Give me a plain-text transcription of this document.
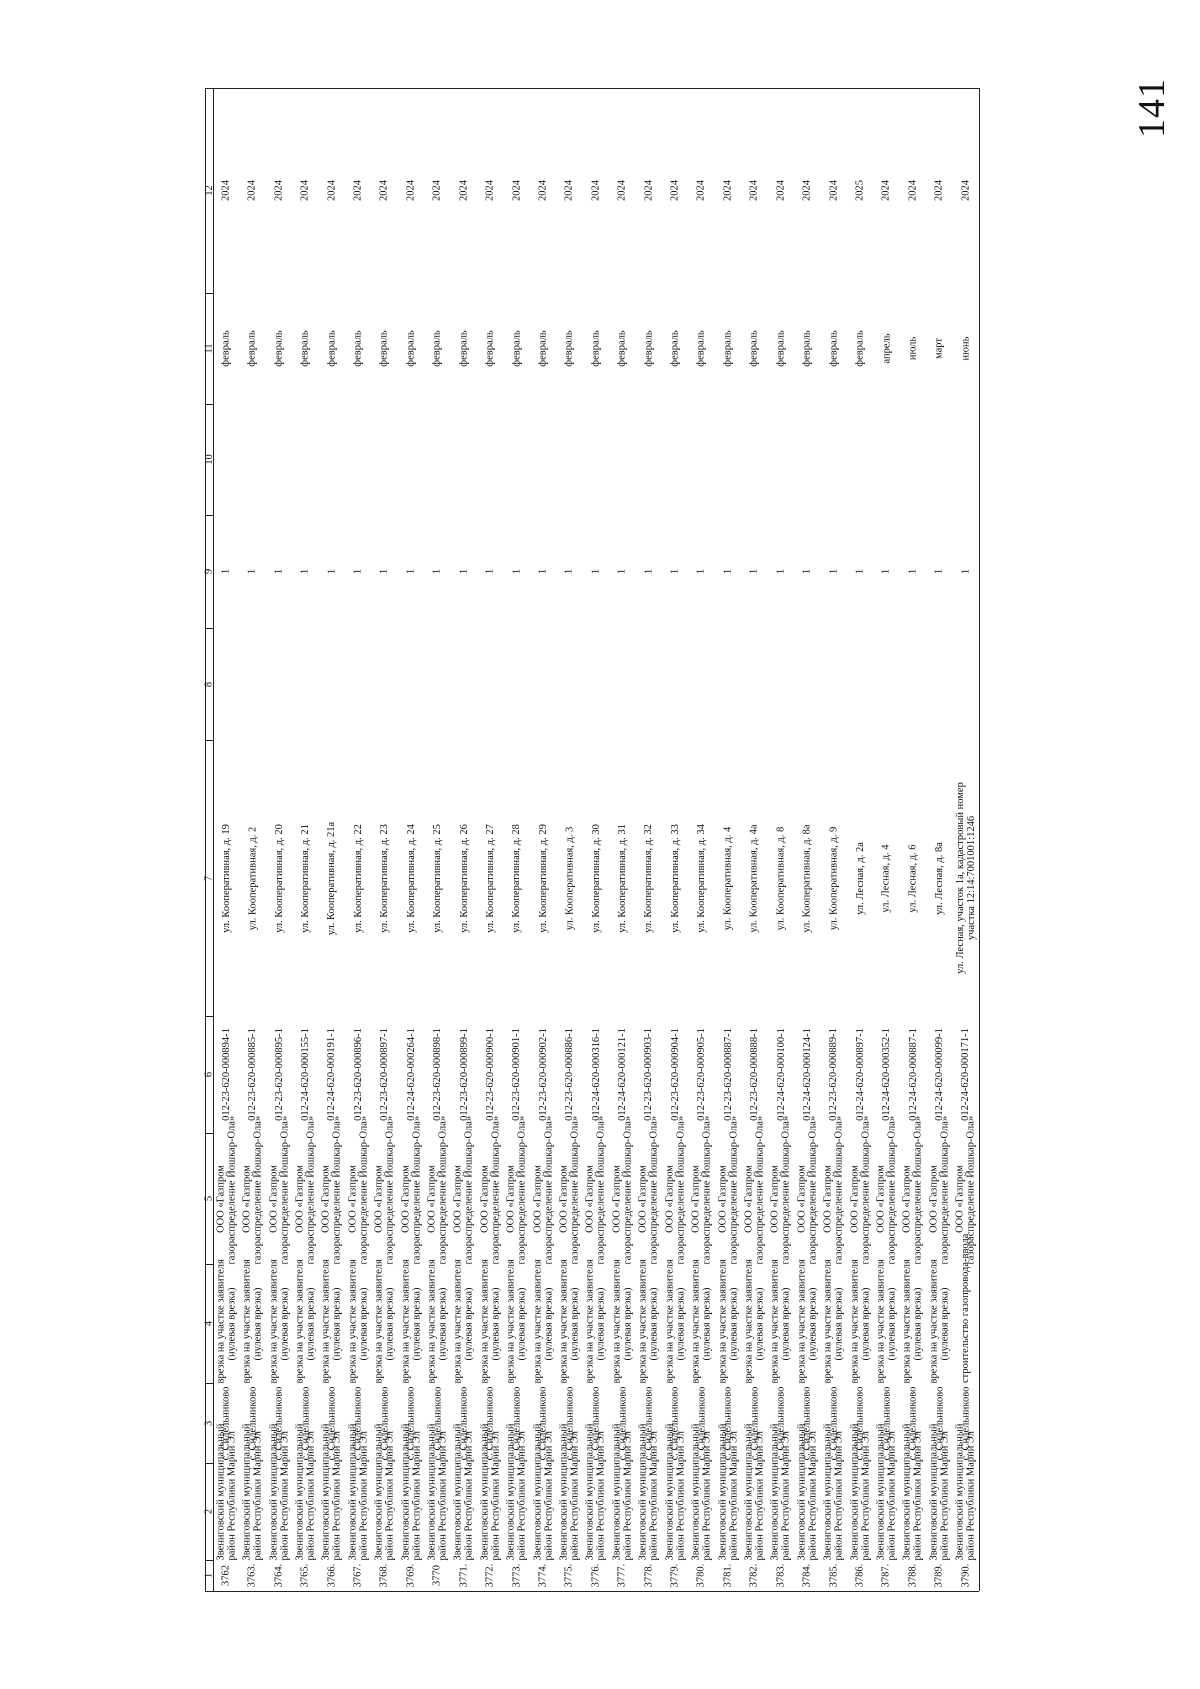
141
1
2
3
4
5
6
7
8
9
10
11
12
3762
Звениговский муниципальный район Республики Марий Эл
с. Сидельниково
врезка на участке заявителя (нулевая врезка)
ООО «Газпром газораспределение Йошкар-Ола»
012-23-620-000894-1
ул. Кооперативная, д. 19
1
февраль
2024
3763.
Звениговский муниципальный район Республики Марий Эл
с. Сидельниково
врезка на участке заявителя (нулевая врезка)
ООО «Газпром газораспределение Йошкар-Ола»
012-23-620-000885-1
ул. Кооперативная, д. 2
1
февраль
2024
3764.
Звениговский муниципальный район Республики Марий Эл
с. Сидельниково
врезка на участке заявителя (нулевая врезка)
ООО «Газпром газораспределение Йошкар-Ола»
012-23-620-000895-1
ул. Кооперативная, д. 20
1
февраль
2024
3765.
Звениговский муниципальный район Республики Марий Эл
с. Сидельниково
врезка на участке заявителя (нулевая врезка)
ООО «Газпром газораспределение Йошкар-Ола»
012-24-620-000155-1
ул. Кооперативная, д. 21
1
февраль
2024
3766.
Звениговский муниципальный район Республики Марий Эл
с. Сидельниково
врезка на участке заявителя (нулевая врезка)
ООО «Газпром газораспределение Йошкар-Ола»
012-24-620-000191-1
ул. Кооперативная, д. 21а
1
февраль
2024
3767.
Звениговский муниципальный район Республики Марий Эл
с. Сидельниково
врезка на участке заявителя (нулевая врезка)
ООО «Газпром газораспределение Йошкар-Ола»
012-23-620-000896-1
ул. Кооперативная, д. 22
1
февраль
2024
3768.
Звениговский муниципальный район Республики Марий Эл
с. Сидельниково
врезка на участке заявителя (нулевая врезка)
ООО «Газпром газораспределение Йошкар-Ола»
012-23-620-000897-1
ул. Кооперативная, д. 23
1
февраль
2024
3769.
Звениговский муниципальный район Республики Марий Эл
с. Сидельниково
врезка на участке заявителя (нулевая врезка)
ООО «Газпром газораспределение Йошкар-Ола»
012-24-620-000264-1
ул. Кооперативная, д. 24
1
февраль
2024
3770
Звениговский муниципальный район Республики Марий Эл
с. Сидельниково
врезка на участке заявителя (нулевая врезка)
ООО «Газпром газораспределение Йошкар-Ола»
012-23-620-000898-1
ул. Кооперативная, д. 25
1
февраль
2024
3771.
Звениговский муниципальный район Республики Марий Эл
с. Сидельниково
врезка на участке заявителя (нулевая врезка)
ООО «Газпром газораспределение Йошкар-Ола»
012-23-620-000899-1
ул. Кооперативная, д. 26
1
февраль
2024
3772.
Звениговский муниципальный район Республики Марий Эл
с. Сидельниково
врезка на участке заявителя (нулевая врезка)
ООО «Газпром газораспределение Йошкар-Ола»
012-23-620-000900-1
ул. Кооперативная, д. 27
1
февраль
2024
3773.
Звениговский муниципальный район Республики Марий Эл
с. Сидельниково
врезка на участке заявителя (нулевая врезка)
ООО «Газпром газораспределение Йошкар-Ола»
012-23-620-000901-1
ул. Кооперативная, д. 28
1
февраль
2024
3774.
Звениговский муниципальный район Республики Марий Эл
с. Сидельниково
врезка на участке заявителя (нулевая врезка)
ООО «Газпром газораспределение Йошкар-Ола»
012-23-620-000902-1
ул. Кооперативная, д. 29
1
февраль
2024
3775.
Звениговский муниципальный район Республики Марий Эл
с. Сидельниково
врезка на участке заявителя (нулевая врезка)
ООО «Газпром газораспределение Йошкар-Ола»
012-23-620-000886-1
ул. Кооперативная, д. 3
1
февраль
2024
3776.
Звениговский муниципальный район Республики Марий Эл
с. Сидельниково
врезка на участке заявителя (нулевая врезка)
ООО «Газпром газораспределение Йошкар-Ола»
012-24-620-000316-1
ул. Кооперативная, д. 30
1
февраль
2024
3777.
Звениговский муниципальный район Республики Марий Эл
с. Сидельниково
врезка на участке заявителя (нулевая врезка)
ООО «Газпром газораспределение Йошкар-Ола»
012-24-620-000121-1
ул. Кооперативная, д. 31
1
февраль
2024
3778.
Звениговский муниципальный район Республики Марий Эл
с. Сидельниково
врезка на участке заявителя (нулевая врезка)
ООО «Газпром газораспределение Йошкар-Ола»
012-23-620-000903-1
ул. Кооперативная, д. 32
1
февраль
2024
3779.
Звениговский муниципальный район Республики Марий Эл
с. Сидельниково
врезка на участке заявителя (нулевая врезка)
ООО «Газпром газораспределение Йошкар-Ола»
012-23-620-000904-1
ул. Кооперативная, д. 33
1
февраль
2024
3780.
Звениговский муниципальный район Республики Марий Эл
с. Сидельниково
врезка на участке заявителя (нулевая врезка)
ООО «Газпром газораспределение Йошкар-Ола»
012-23-620-000905-1
ул. Кооперативная, д. 34
1
февраль
2024
3781.
Звениговский муниципальный район Республики Марий Эл
с. Сидельниково
врезка на участке заявителя (нулевая врезка)
ООО «Газпром газораспределение Йошкар-Ола»
012-23-620-000887-1
ул. Кооперативная, д. 4
1
февраль
2024
3782.
Звениговский муниципальный район Республики Марий Эл
с. Сидельниково
врезка на участке заявителя (нулевая врезка)
ООО «Газпром газораспределение Йошкар-Ола»
012-23-620-000888-1
ул. Кооперативная, д. 4а
1
февраль
2024
3783.
Звениговский муниципальный район Республики Марий Эл
с. Сидельниково
врезка на участке заявителя (нулевая врезка)
ООО «Газпром газораспределение Йошкар-Ола»
012-24-620-000100-1
ул. Кооперативная, д. 8
1
февраль
2024
3784.
Звениговский муниципальный район Республики Марий Эл
с. Сидельниково
врезка на участке заявителя (нулевая врезка)
ООО «Газпром газораспределение Йошкар-Ола»
012-24-620-000124-1
ул. Кооперативная, д. 8а
1
февраль
2024
3785.
Звениговский муниципальный район Республики Марий Эл
с. Сидельниково
врезка на участке заявителя (нулевая врезка)
ООО «Газпром газораспределение Йошкар-Ола»
012-23-620-000889-1
ул. Кооперативная, д. 9
1
февраль
2024
3786.
Звениговский муниципальный район Республики Марий Эл
с. Сидельниково
врезка на участке заявителя (нулевая врезка)
ООО «Газпром газораспределение Йошкар-Ола»
012-24-620-000897-1
ул. Лесная, д. 2а
1
февраль
2025
3787.
Звениговский муниципальный район Республики Марий Эл
с. Сидельниково
врезка на участке заявителя (нулевая врезка)
ООО «Газпром газораспределение Йошкар-Ола»
012-24-620-000352-1
ул. Лесная, д. 4
1
апрель
2024
3788.
Звениговский муниципальный район Республики Марий Эл
с. Сидельниково
врезка на участке заявителя (нулевая врезка)
ООО «Газпром газораспределение Йошкар-Ола»
012-24-620-000887-1
ул. Лесная, д. 6
1
июль
2024
3789.
Звениговский муниципальный район Республики Марий Эл
с. Сидельниково
врезка на участке заявителя (нулевая врезка)
ООО «Газпром газораспределение Йошкар-Ола»
012-24-620-000099-1
ул. Лесная, д. 8а
1
март
2024
3790.
Звениговский муниципальный район Республики Марий Эл
с. Сидельниково
строительство газопровода-ввода
ООО «Газпром газораспределение Йошкар-Ола»
012-24-620-000171-1
ул. Лесная, участок 1а, кадастровый номер участка 12:14:7001001:1246
1
июнь
2024
